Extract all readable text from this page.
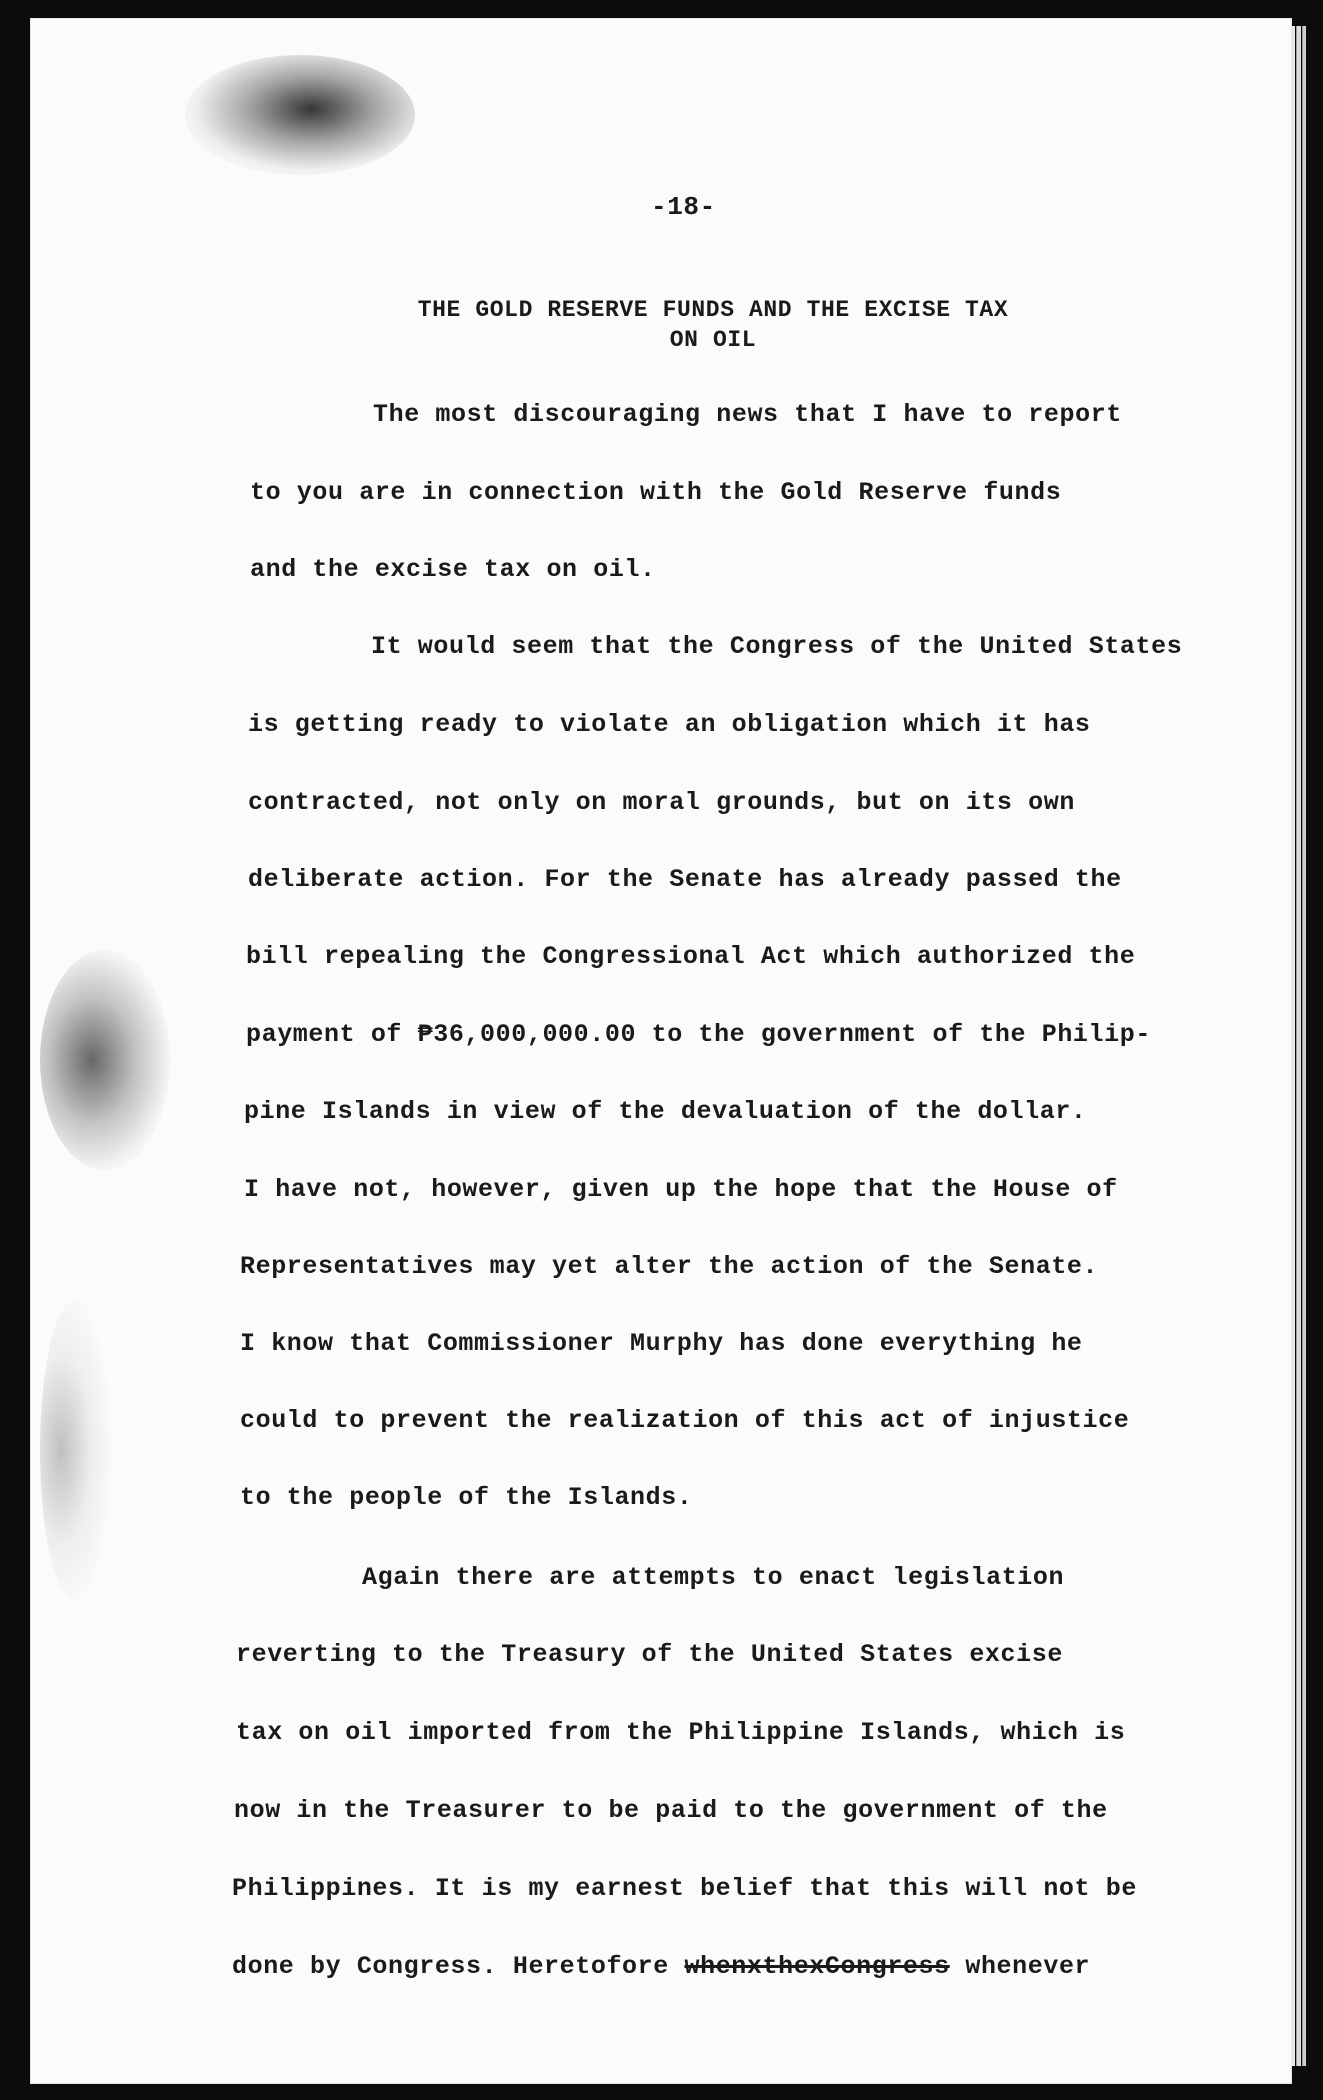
-18-
THE GOLD RESERVE FUNDS AND THE EXCISE TAX
ON OIL
The most discouraging news that I have to report
to you are in connection with the Gold Reserve funds
and the excise tax on oil.
It would seem that the Congress of the United States
is getting ready to violate an obligation which it has
contracted, not only on moral grounds, but on its own
deliberate action. For the Senate has already passed the
bill repealing the Congressional Act which authorized the
payment of ₱36,000,000.00 to the government of the Philip-
pine Islands in view of the devaluation of the dollar.
I have not, however, given up the hope that the House of
Representatives may yet alter the action of the Senate.
I know that Commissioner Murphy has done everything he
could to prevent the realization of this act of injustice
to the people of the Islands.
Again there are attempts to enact legislation
reverting to the Treasury of the United States excise
tax on oil imported from the Philippine Islands, which is
now in the Treasurer to be paid to the government of the
Philippines. It is my earnest belief that this will not be
done by Congress. Heretofore whenxthexCongress whenever
